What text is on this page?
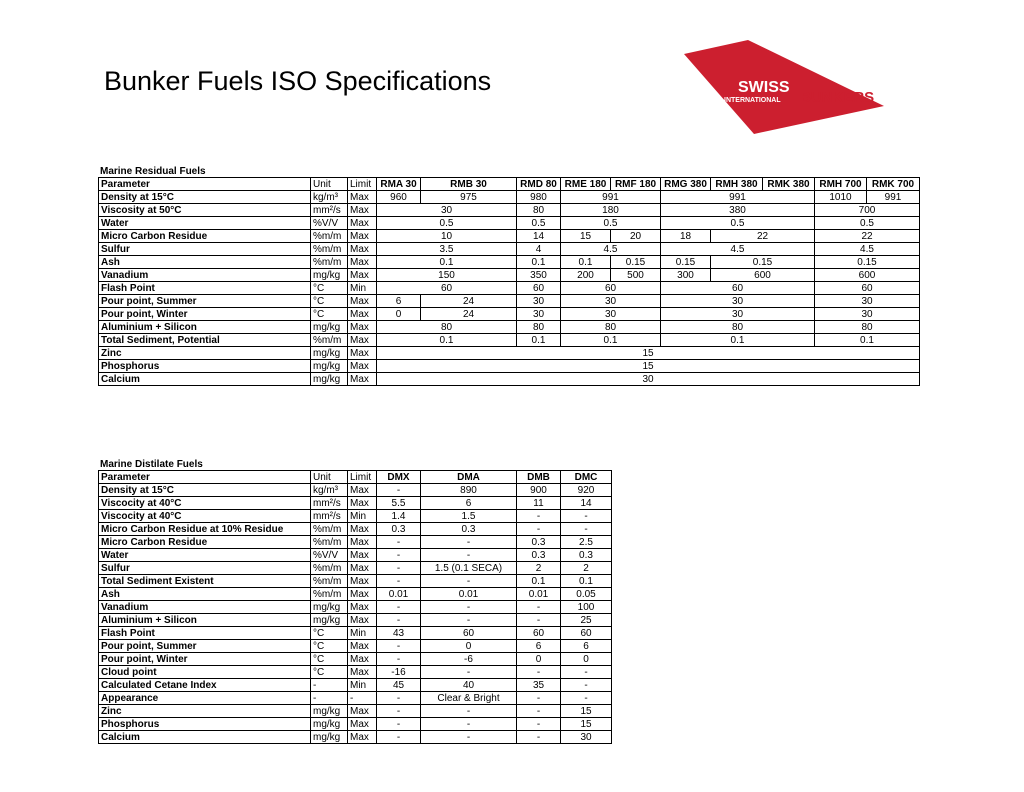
Bunker Fuels ISO Specifications	SWISS
INTERNATIONAL BUNKERS
Marine Residual Fuels
Parameter	Unit	Limit	RMA 30	RMB 30	RMD 80	RME 180	RMF 180	RMG 380	RMH 380	RMK 380	RMH 700	RMK 700	
Density at 15°C	kg/m³	Max	960	975	980	991		991			1010	991	
Viscosity at 50°C	mm²/s	Max	30		80	180		380			700		
Water	%V/V	Max	0.5		0.5	0.5		0.5			0.5		
Micro Carbon Residue	%m/m	Max	10		14	15	20	18	22		22		
Sulfur	%m/m	Max	3.5		4	4.5		4.5			4.5		
Ash	%m/m	Max	0.1		0.1	0.1	0.15	0.15	0.15		0.15		
Vanadium	mg/kg	Max	150		350	200	500	300	600		600		
Flash Point	°C	Min	60		60	60		60			60		
Pour point, Summer	°C	Max	6	24	30	30		30			30		
Pour point, Winter	°C	Max	0	24	30	30		30			30		
Aluminium + Silicon	mg/kg	Max	80		80	80		80			80		
Total Sediment, Potential	%m/m	Max	0.1		0.1	0.1		0.1			0.1		
Zinc	mg/kg	Max	15										
Phosphorus	mg/kg	Max	15										
Calcium	mg/kg	Max	30										
Marine Distilate Fuels
Parameter	Unit	Limit	DMX	DMA	DMB	DMC
Density at 15°C	kg/m³	Max	-	890	900	920
Viscocity at 40°C	mm²/s	Max	5.5	6	11	14
Viscocity at 40°C	mm²/s	Min	1.4	1.5	-	-
Micro Carbon Residue at 10% Residue	%m/m	Max	0.3	0.3	-	-
Micro Carbon Residue	%m/m	Max	-	-	0.3	2.5
Water	%V/V	Max	-	-	0.3	0.3
Sulfur	%m/m	Max	-	1.5 (0.1 SECA)	2	2
Total Sediment Existent	%m/m	Max	-	-	0.1	0.1
Ash	%m/m	Max	0.01	0.01	0.01	0.05
Vanadium	mg/kg	Max	-	-	-	100
Aluminium + Silicon	mg/kg	Max	-	-	-	25
Flash Point	°C	Min	43	60	60	60
Pour point, Summer	°C	Max	-	0	6	6
Pour point, Winter	°C	Max	-	-6	0	0
Cloud point	°C	Max	-16	-	-	-
Calculated Cetane Index	-	Min	45	40	35	-
Appearance	-	-	-	Clear & Bright	-	-
Zinc	mg/kg	Max	-	-	-	15
Phosphorus	mg/kg	Max	-	-	-	15
Calcium	mg/kg	Max	-	-	-	30
